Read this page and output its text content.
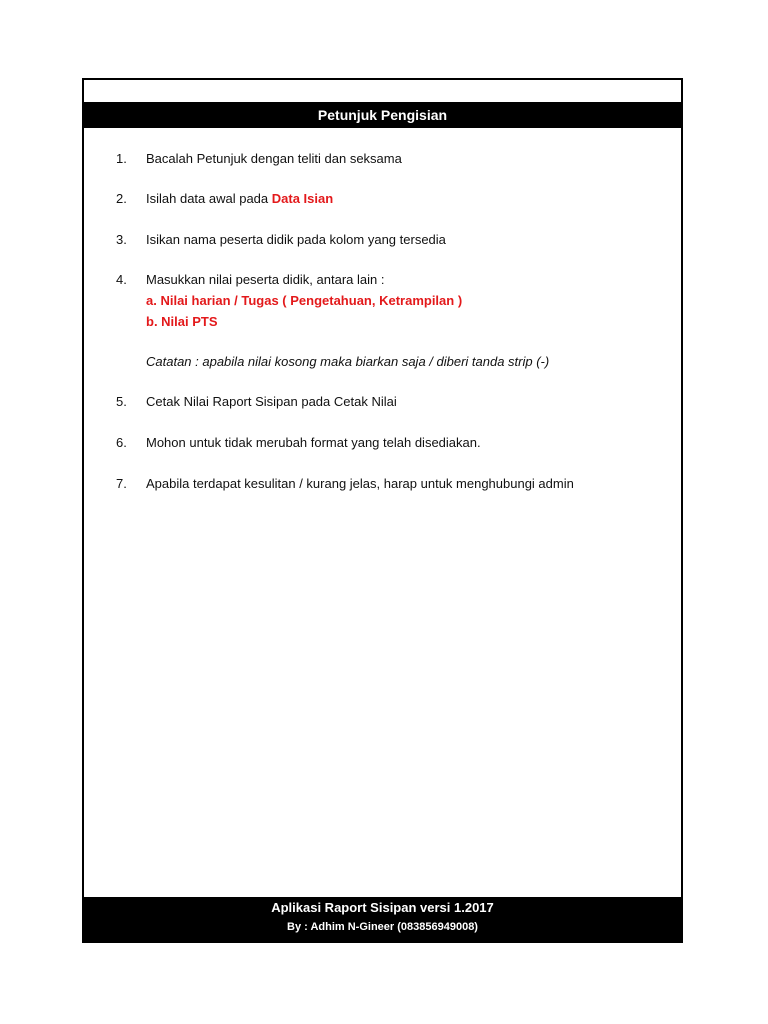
Petunjuk Pengisian
1.	Bacalah Petunjuk dengan teliti dan seksama
2.	Isilah data awal pada Data Isian
3.	Isikan nama peserta didik pada kolom yang tersedia
4.	Masukkan nilai peserta didik, antara lain :
a. Nilai harian / Tugas ( Pengetahuan, Ketrampilan )
b. Nilai PTS
Catatan : apabila nilai kosong maka biarkan saja / diberi tanda strip (-)
5.	Cetak Nilai Raport Sisipan pada Cetak Nilai
6.	Mohon untuk tidak merubah format yang telah disediakan.
7.	Apabila terdapat kesulitan / kurang jelas, harap untuk menghubungi admin
Aplikasi Raport Sisipan versi 1.2017
By : Adhim N-Gineer (083856949008)
